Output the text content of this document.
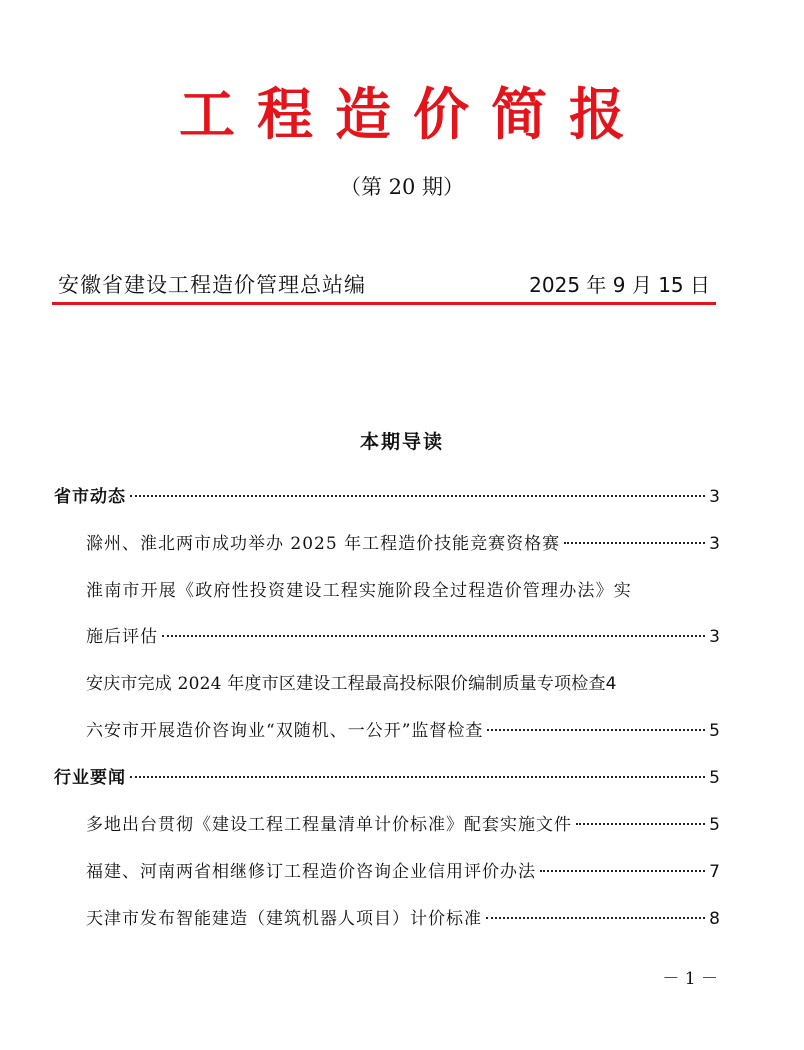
工程造价简报
（第 20 期）
安徽省建设工程造价管理总站编	2025 年 9 月 15 日
本期导读
省市动态	3
滁州、淮北两市成功举办 2025 年工程造价技能竞赛资格赛	3
淮南市开展《政府性投资建设工程实施阶段全过程造价管理办法》实
施后评估	3
安庆市完成 2024 年度市区建设工程最高投标限价编制质量专项检查 4
六安市开展造价咨询业“双随机、一公开”监督检查	5
行业要闻	5
多地出台贯彻《建设工程工程量清单计价标准》配套实施文件	5
福建、河南两省相继修订工程造价咨询企业信用评价办法	7
天津市发布智能建造（建筑机器人项目）计价标准	8
－ 1 －
